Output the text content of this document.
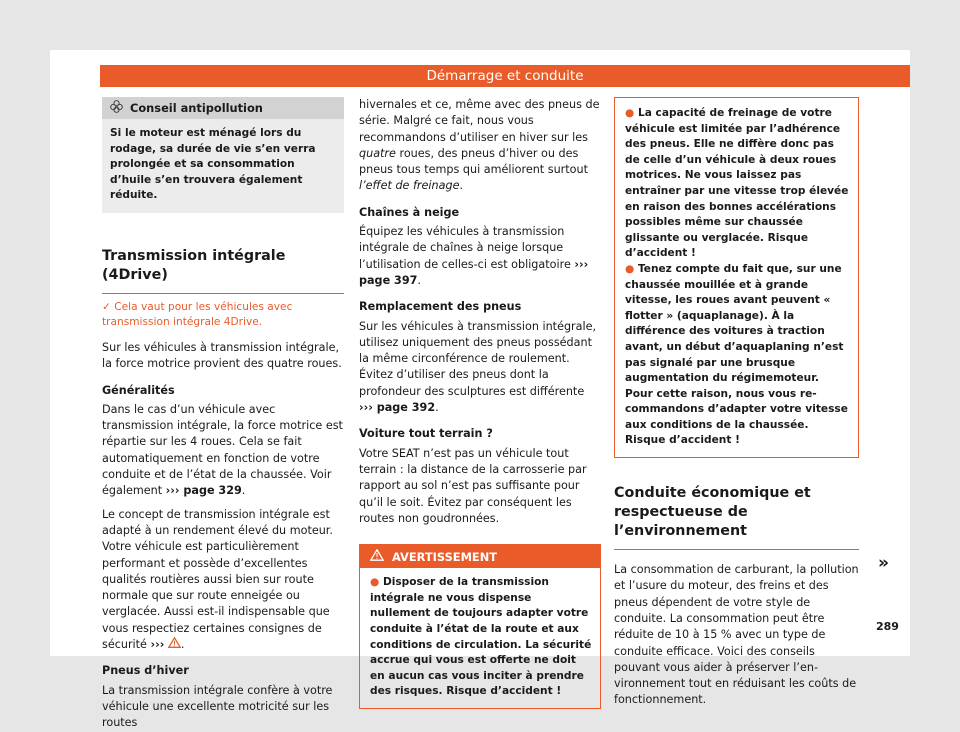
Démarrage et conduite
Conseil antipollution
Si le moteur est ménagé lors du rodage, sa durée de vie s’en verra prolongée et sa consommation d’huile s’en trouvera également réduite.
Transmission intégrale (4Drive)

✓ Cela vaut pour les véhicules avec transmission intégrale 4Drive.

Sur les véhicules à transmission intégrale, la force motrice provient des quatre roues.

Généralités

Dans le cas d’un véhicule avec transmission intégrale, la force motrice est répartie sur les 4 roues. Cela se fait automatiquement en fonction de votre conduite et de l’état de la chaussée. Voir également ››› page 329.

Le concept de transmission intégrale est adapté à un rendement élevé du moteur. Votre véhicule est particulièrement performant et possède d’excellentes qualités routières aussi bien sur route normale que sur route enneigée ou verglacée. Aussi est-il indispensable que vous respectiez certaines consignes de sécurité ››› .

Pneus d’hiver

La transmission intégrale confère à votre véhicule une excellente motricité sur les routes

hivernales et ce, même avec des pneus de série. Malgré ce fait, nous vous recommandons d’utiliser en hiver sur les quatre roues, des pneus d’hiver ou des pneus tous temps qui améliorent surtout l’effet de freinage.

Chaînes à neige

Équipez les véhicules à transmission intégrale de chaînes à neige lorsque l’utilisation de celles-ci est obligatoire ››› page 397.

Remplacement des pneus

Sur les véhicules à transmission intégrale, utilisez uniquement des pneus possédant la même circonférence de roulement. Évitez d’utiliser des pneus dont la profondeur des sculptures est différente ››› page 392.

Voiture tout terrain ?

Votre SEAT n’est pas un véhicule tout terrain : la distance de la carrosserie par rapport au sol n’est pas suffisante pour qu’il le soit. Évitez par conséquent les routes non goudronnées.

AVERTISSEMENT

● Disposer de la transmission intégrale ne vous dispense nullement de toujours adapter votre conduite à l’état de la route et aux conditions de circulation. La sécurité accrue qui vous est offerte ne doit en aucun cas vous inciter à prendre des risques. Risque d’accident !

● La capacité de freinage de votre véhicule est limitée par l’adhérence des pneus. Elle ne diffère donc pas de celle d’un véhicule à deux roues motrices. Ne vous laissez pas entraîner par une vitesse trop élevée en raison des bonnes accélérations possibles même sur chaussée glissante ou verglacée. Risque d’accident !

● Tenez compte du fait que, sur une chaussée mouillée et à grande vitesse, les roues avant peuvent « flotter » (aquaplanage). À la différence des voitures à traction avant, un début d’aquaplaning n’est pas signalé par une brusque augmentation du régimemoteur. Pour cette raison, nous vous recommandons d’adapter votre vitesse aux conditions de la chaussée. Risque d’accident !

Conduite économique et respectueuse de l’environnement

La consommation de carburant, la pollution et l’usure du moteur, des freins et des pneus dépendent de votre style de conduite. La consommation peut être réduite de 10 à 15 % avec un type de conduite efficace. Voici des conseils pouvant vous aider à préserver l’environnement tout en réduisant les coûts de fonctionnement.

»
289
